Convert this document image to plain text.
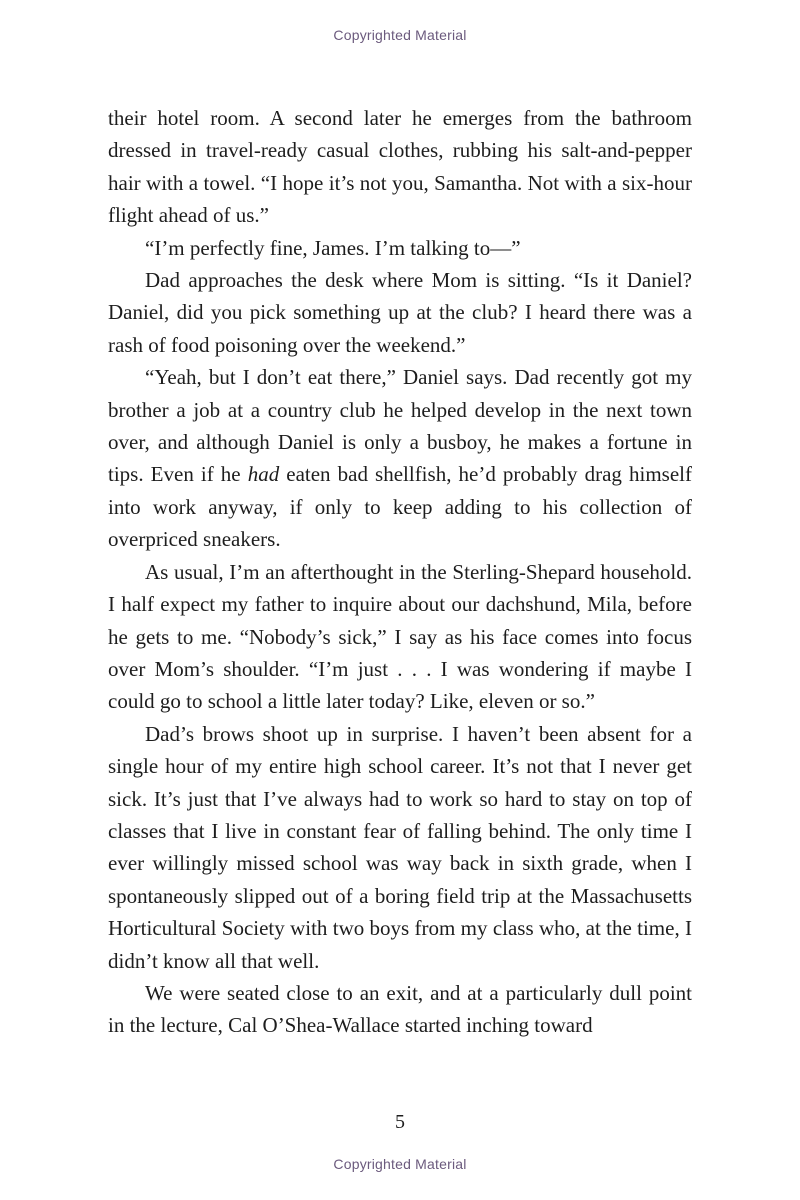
Copyrighted Material

their hotel room. A second later he emerges from the bathroom dressed in travel-ready casual clothes, rubbing his salt-and-pepper hair with a towel. “I hope it’s not you, Samantha. Not with a six-hour flight ahead of us.”

“I’m perfectly fine, James. I’m talking to—”

Dad approaches the desk where Mom is sitting. “Is it Daniel? Daniel, did you pick something up at the club? I heard there was a rash of food poisoning over the weekend.”

“Yeah, but I don’t eat there,” Daniel says. Dad recently got my brother a job at a country club he helped develop in the next town over, and although Daniel is only a busboy, he makes a fortune in tips. Even if he had eaten bad shellfish, he’d probably drag himself into work anyway, if only to keep adding to his collection of overpriced sneakers.

As usual, I’m an afterthought in the Sterling-Shepard household. I half expect my father to inquire about our dachshund, Mila, before he gets to me. “Nobody’s sick,” I say as his face comes into focus over Mom’s shoulder. “I’m just . . . I was wondering if maybe I could go to school a little later today? Like, eleven or so.”

Dad’s brows shoot up in surprise. I haven’t been absent for a single hour of my entire high school career. It’s not that I never get sick. It’s just that I’ve always had to work so hard to stay on top of classes that I live in constant fear of falling behind. The only time I ever willingly missed school was way back in sixth grade, when I spontaneously slipped out of a boring field trip at the Massachusetts Horticultural Society with two boys from my class who, at the time, I didn’t know all that well.

We were seated close to an exit, and at a particularly dull point in the lecture, Cal O’Shea-Wallace started inching toward

5
Copyrighted Material
